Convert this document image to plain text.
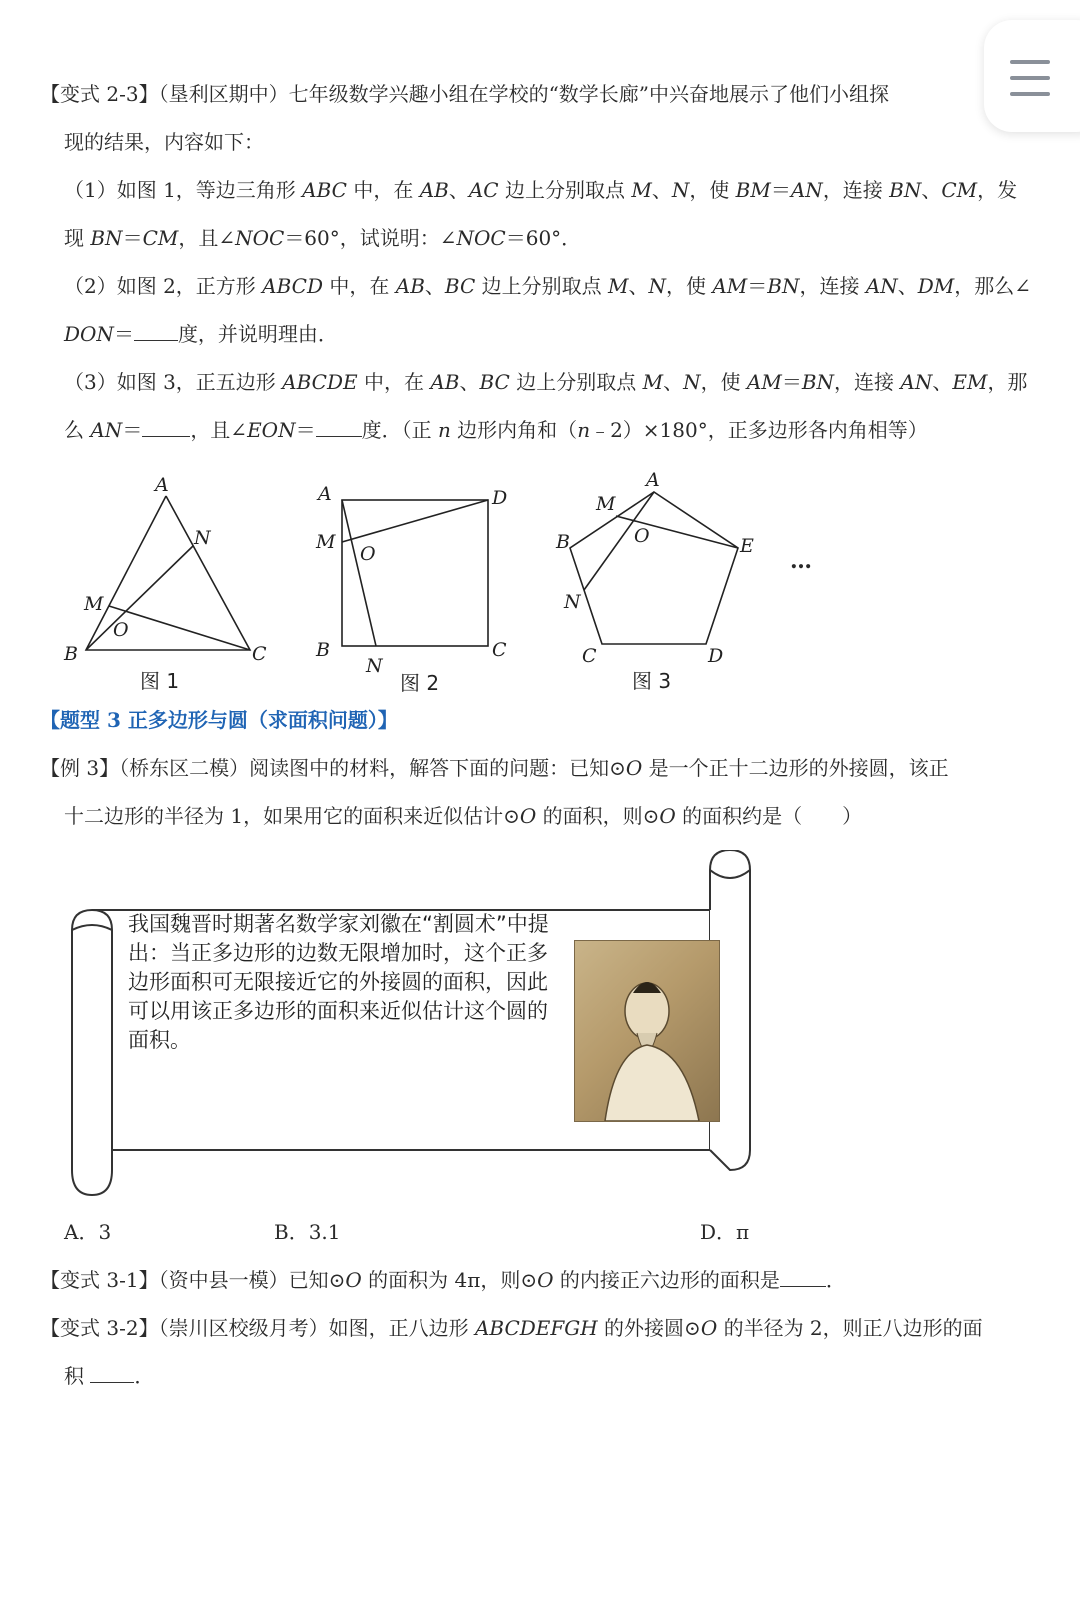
【变式 2-3】（垦利区期中）七年级数学兴趣小组在学校的“数学长廊”中兴奋地展示了他们小组探
现的结果，内容如下：
（1）如图 1，等边三角形 ABC 中，在 AB、AC 边上分别取点 M、N，使 BM＝AN，连接 BN、CM，发
现 BN＝CM，且∠NOC＝60°，试说明：∠NOC＝60°．
（2）如图 2，正方形 ABCD 中，在 AB、BC 边上分别取点 M、N，使 AM＝BN，连接 AN、DM，那么∠
DON＝ 度，并说明理由．
（3）如图 3，正五边形 ABCDE 中，在 AB、BC 边上分别取点 M、N，使 AM＝BN，连接 AN、EM，那
么 AN＝ ，且∠EON＝ 度．（正 n 边形内角和（n﹣2）×180°，正多边形各内角相等）
A
B	C
M
N
O
图 1
A	D
M
O
B	C
N
图 2
A
M
O
B	E
N
C	D
图 3
…
【题型 3 正多边形与圆（求面积问题）】
【例 3】（桥东区二模）阅读图中的材料，解答下面的问题：已知⊙O 是一个正十二边形的外接圆，该正
十二边形的半径为 1，如果用它的面积来近似估计⊙O 的面积，则⊙O 的面积约是（　　）
我国魏晋时期著名数学家刘徽在“割圆术”中提出：当正多边形的边数无限增加时，这个正多边形面积可无限接近它的外接圆的面积，因此可以用该正多边形的面积来近似估计这个圆的面积。
A．3	B．3.1	D．π
【变式 3-1】（资中县一模）已知⊙O 的面积为 4π，则⊙O 的内接正六边形的面积是 ．
【变式 3-2】（崇川区校级月考）如图，正八边形 ABCDEFGH 的外接圆⊙O 的半径为 2，则正八边形的面
积 ．
